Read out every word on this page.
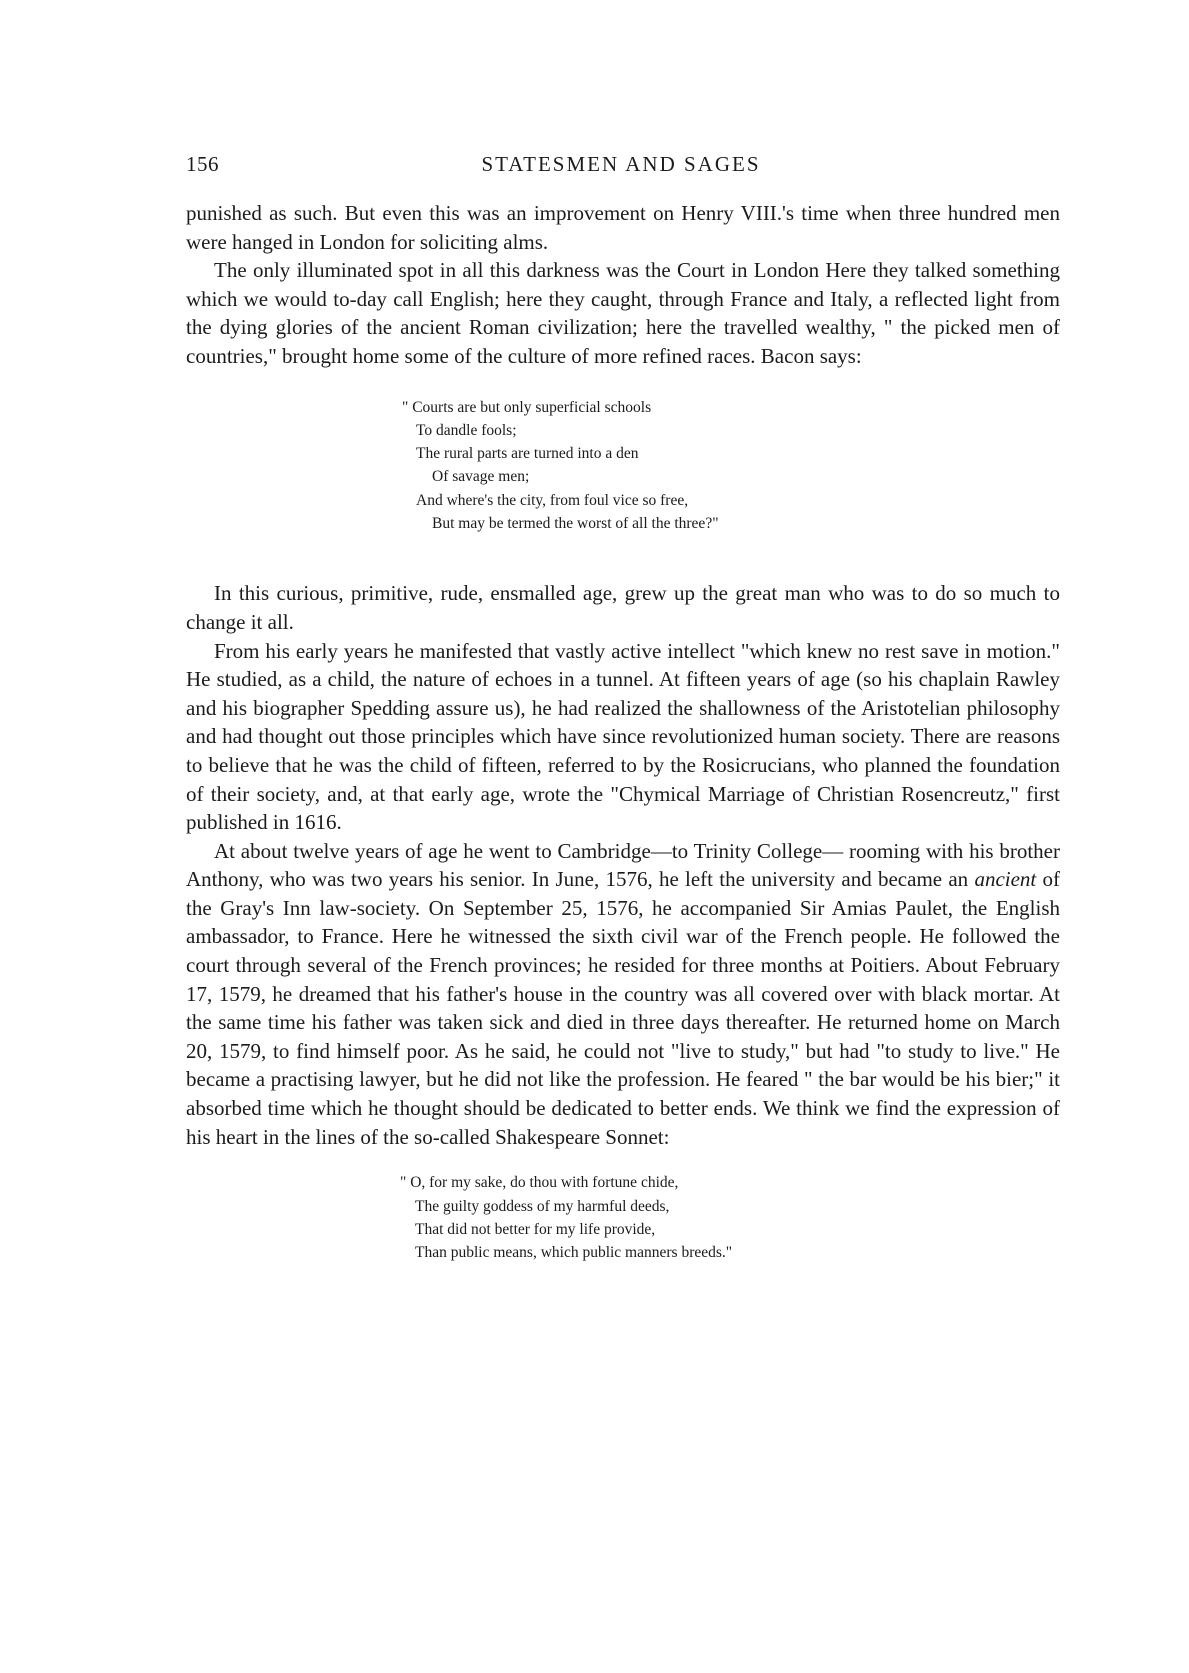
156	STATESMEN AND SAGES

punished as such. But even this was an improvement on Henry VIII.'s time when three hundred men were hanged in London for soliciting alms.

The only illuminated spot in all this darkness was the Court in London Here they talked something which we would to-day call English; here they caught, through France and Italy, a reflected light from the dying glories of the ancient Roman civilization; here the travelled wealthy, " the picked men of countries," brought home some of the culture of more refined races. Bacon says:

" Courts are but only superficial schools
To dandle fools;
The rural parts are turned into a den
Of savage men;
And where's the city, from foul vice so free,
But may be termed the worst of all the three?"

In this curious, primitive, rude, ensmalled age, grew up the great man who was to do so much to change it all.

From his early years he manifested that vastly active intellect "which knew no rest save in motion." He studied, as a child, the nature of echoes in a tunnel. At fifteen years of age (so his chaplain Rawley and his biographer Spedding assure us), he had realized the shallowness of the Aristotelian philosophy and had thought out those principles which have since revolutionized human society. There are reasons to believe that he was the child of fifteen, referred to by the Rosicrucians, who planned the foundation of their society, and, at that early age, wrote the "Chymical Marriage of Christian Rosencreutz," first published in 1616.

At about twelve years of age he went to Cambridge—to Trinity College— rooming with his brother Anthony, who was two years his senior. In June, 1576, he left the university and became an ancient of the Gray's Inn law-society. On September 25, 1576, he accompanied Sir Amias Paulet, the English ambassador, to France. Here he witnessed the sixth civil war of the French people. He followed the court through several of the French provinces; he resided for three months at Poitiers. About February 17, 1579, he dreamed that his father's house in the country was all covered over with black mortar. At the same time his father was taken sick and died in three days thereafter. He returned home on March 20, 1579, to find himself poor. As he said, he could not "live to study," but had "to study to live." He became a practising lawyer, but he did not like the profession. He feared " the bar would be his bier;" it absorbed time which he thought should be dedicated to better ends. We think we find the expression of his heart in the lines of the so-called Shakespeare Sonnet:

" O, for my sake, do thou with fortune chide,
The guilty goddess of my harmful deeds,
That did not better for my life provide,
Than public means, which public manners breeds."
